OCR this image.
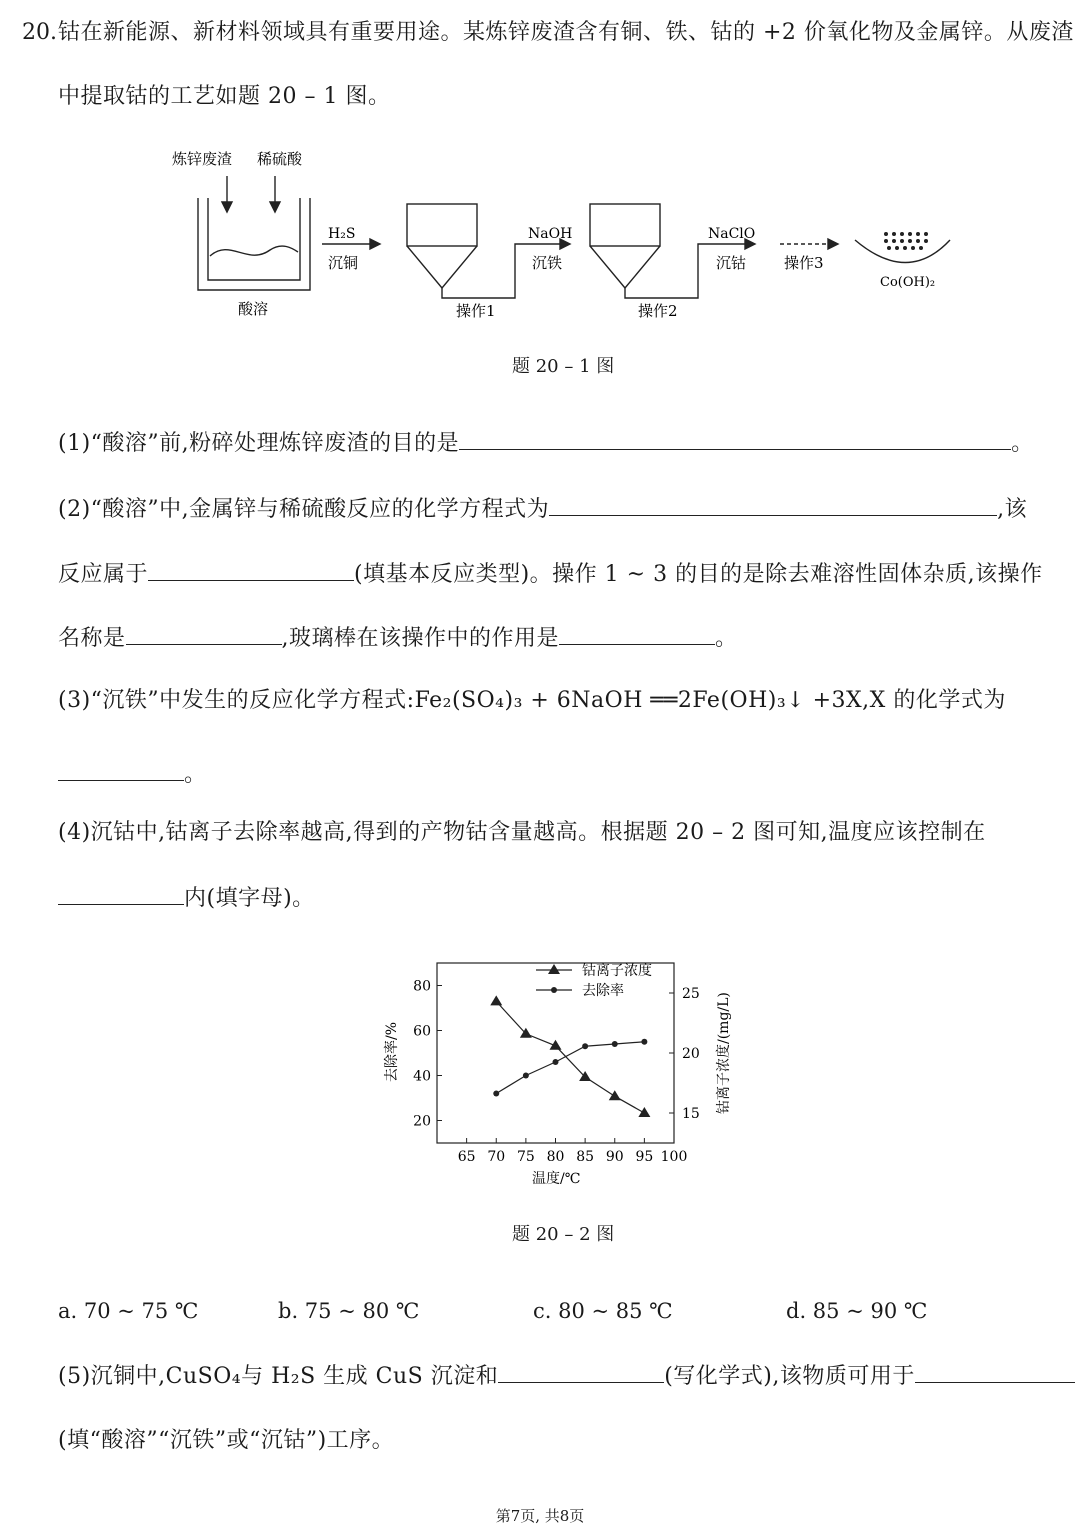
20. 钴在新能源、新材料领域具有重要用途。某炼锌废渣含有铜、铁、钴的 +2 价氧化物及金属锌。从废渣
中提取钴的工艺如题 20 – 1 图。
炼锌废渣 稀硫酸
酸溶
H₂S
沉铜
操作1
NaOH
沉铁
操作2
NaClO
沉钴	操作3
Co(OH)₂
题 20 – 1 图
(1)“酸溶”前,粉碎处理炼锌废渣的目的是	。
(2)“酸溶”中,金属锌与稀硫酸反应的化学方程式为	,该
反应属于	(填基本反应类型)。操作 1 ~ 3 的目的是除去难溶性固体杂质,该操作
名称是	,玻璃棒在该操作中的作用是	。
(3)“沉铁”中发生的反应化学方程式:Fe₂(SO₄)₃ + 6NaOH ══2Fe(OH)₃↓ +3X,X 的化学式为
。
(4)沉钴中,钴离子去除率越高,得到的产物钴含量越高。根据题 20 – 2 图可知,温度应该控制在
内(填字母)。
65 70 75 80 85 90 95 100
20
40
60
80
15
20
25
钴离子浓度
去除率
温度/℃
去除率/%	钴离子浓度/(mg/L)
题 20 – 2 图
a. 70 ~ 75 ℃	b. 75 ~ 80 ℃	c. 80 ~ 85 ℃	d. 85 ~ 90 ℃
(5)沉铜中,CuSO₄与 H₂S 生成 CuS 沉淀和	(写化学式),该物质可用于
(填“酸溶”“沉铁”或“沉钴”)工序。
第7页, 共8页
